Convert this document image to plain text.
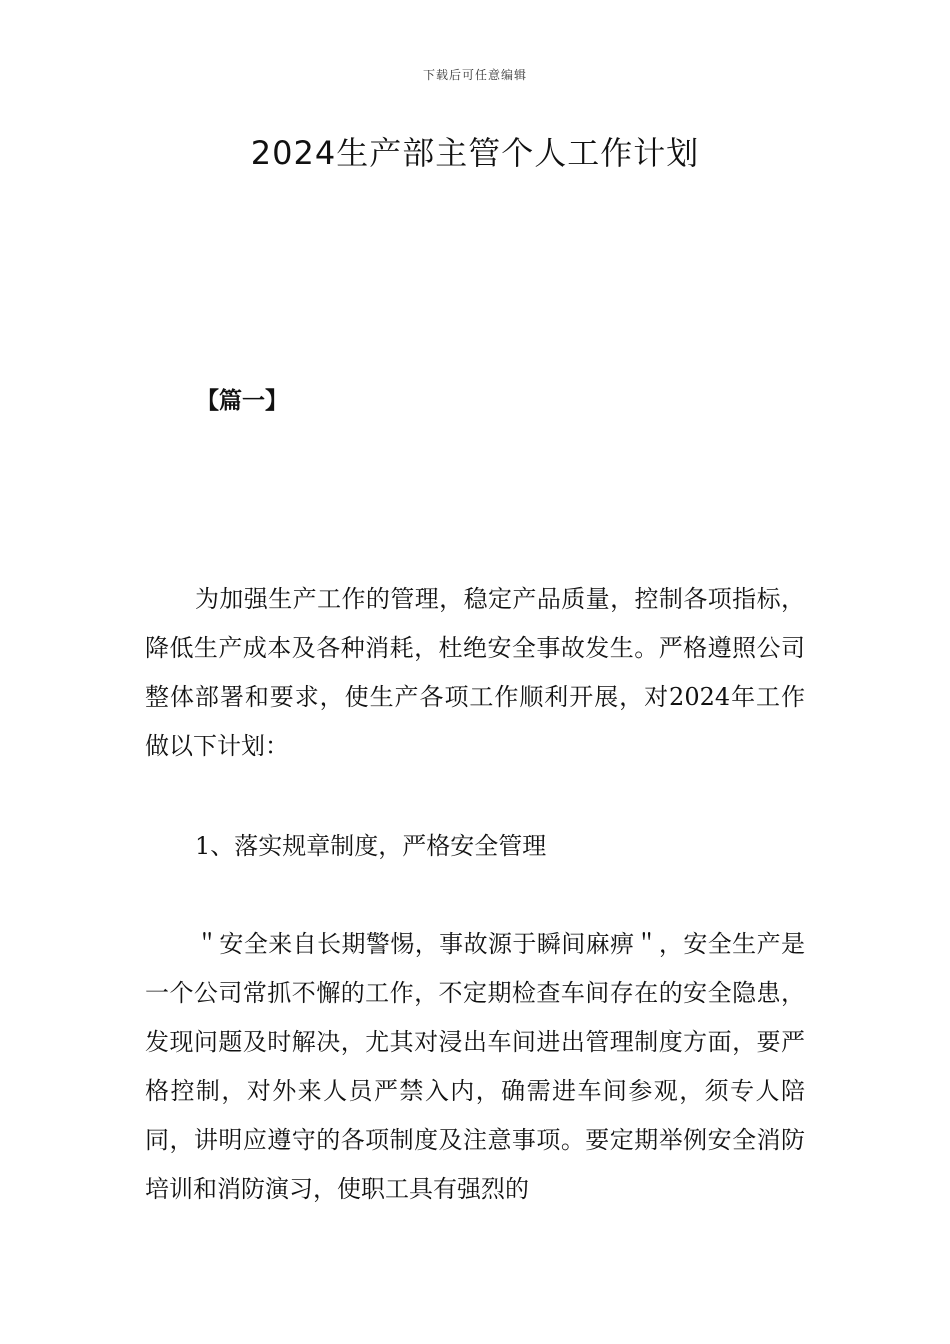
下载后可任意编辑
2024生产部主管个人工作计划
【篇一】

为加强生产工作的管理，稳定产品质量，控制各项指标，降低生产成本及各种消耗，杜绝安全事故发生。严格遵照公司整体部署和要求，使生产各项工作顺利开展，对2024年工作做以下计划：

1、落实规章制度，严格安全管理

＂安全来自长期警惕，事故源于瞬间麻痹＂，安全生产是一个公司常抓不懈的工作，不定期检查车间存在的安全隐患，发现问题及时解决，尤其对浸出车间进出管理制度方面，要严格控制，对外来人员严禁入内，确需进车间参观，须专人陪同，讲明应遵守的各项制度及注意事项。要定期举例安全消防培训和消防演习，使职工具有强烈的
